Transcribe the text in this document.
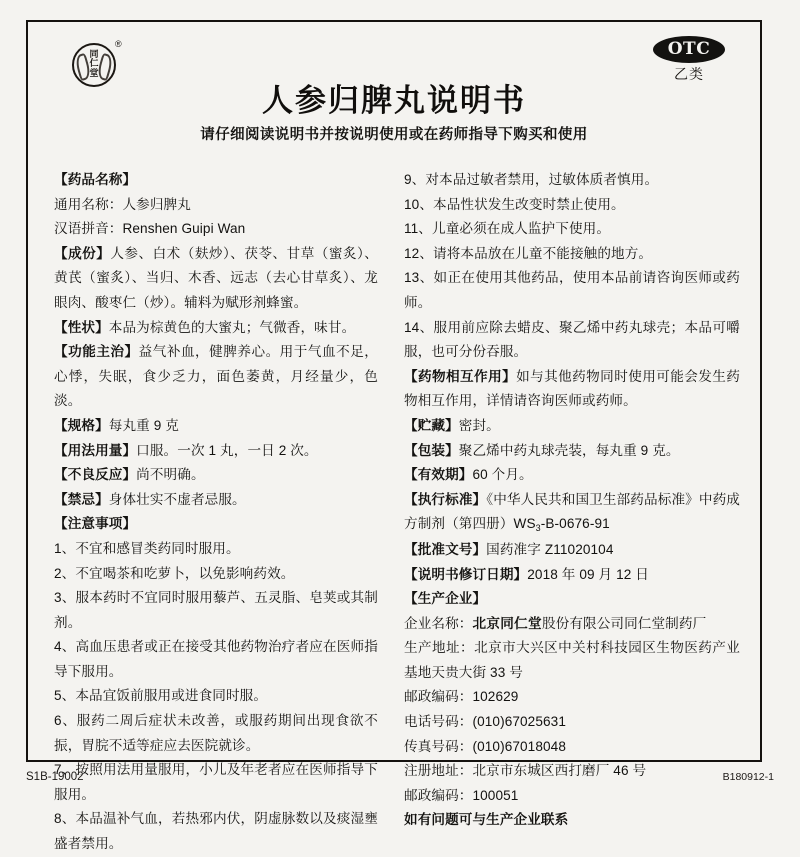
同
仁
堂
®	OTC
乙类
人参归脾丸说明书
请仔细阅读说明书并按说明使用或在药师指导下购买和使用
【药品名称】
通用名称：人参归脾丸
汉语拼音：Renshen Guipi Wan
【成份】人参、白术（麸炒）、茯苓、甘草（蜜炙）、黄芪（蜜炙）、当归、木香、远志（去心甘草炙）、龙眼肉、酸枣仁（炒）。辅料为赋形剂蜂蜜。
【性状】本品为棕黄色的大蜜丸；气微香，味甘。
【功能主治】益气补血，健脾养心。用于气血不足，心悸，失眠，食少乏力，面色萎黄，月经量少，色淡。
【规格】每丸重 9 克
【用法用量】口服。一次 1 丸，一日 2 次。
【不良反应】尚不明确。
【禁忌】身体壮实不虚者忌服。
【注意事项】
1、不宜和感冒类药同时服用。
2、不宜喝茶和吃萝卜，以免影响药效。
3、服本药时不宜同时服用藜芦、五灵脂、皂荚或其制剂。
4、高血压患者或正在接受其他药物治疗者应在医师指导下服用。
5、本品宜饭前服用或进食同时服。
6、服药二周后症状未改善，或服药期间出现食欲不振，胃脘不适等症应去医院就诊。
7、按照用法用量服用，小儿及年老者应在医师指导下服用。
8、本品温补气血，若热邪内伏，阴虚脉数以及痰湿壅盛者禁用。
9、对本品过敏者禁用，过敏体质者慎用。
10、本品性状发生改变时禁止使用。
11、儿童必须在成人监护下使用。
12、请将本品放在儿童不能接触的地方。
13、如正在使用其他药品，使用本品前请咨询医师或药师。
14、服用前应除去蜡皮、聚乙烯中药丸球壳；本品可嚼服，也可分份吞服。
【药物相互作用】如与其他药物同时使用可能会发生药物相互作用，详情请咨询医师或药师。
【贮藏】密封。
【包装】聚乙烯中药丸球壳装，每丸重 9 克。
【有效期】60 个月。
【执行标准】《中华人民共和国卫生部药品标准》中药成方制剂（第四册）$WS_3-B-0676-91$
【批准文号】国药准字 Z11020104
【说明书修订日期】2018 年 09 月 12 日
【生产企业】
企业名称：北京同仁堂股份有限公司同仁堂制药厂
生产地址：北京市大兴区中关村科技园区生物医药产业基地天贵大街 33 号
邮政编码：102629
电话号码：(010)67025631
传真号码：(010)67018048
注册地址：北京市东城区西打磨厂 46 号
邮政编码：100051
如有问题可与生产企业联系
S1B-19002	B180912-1
